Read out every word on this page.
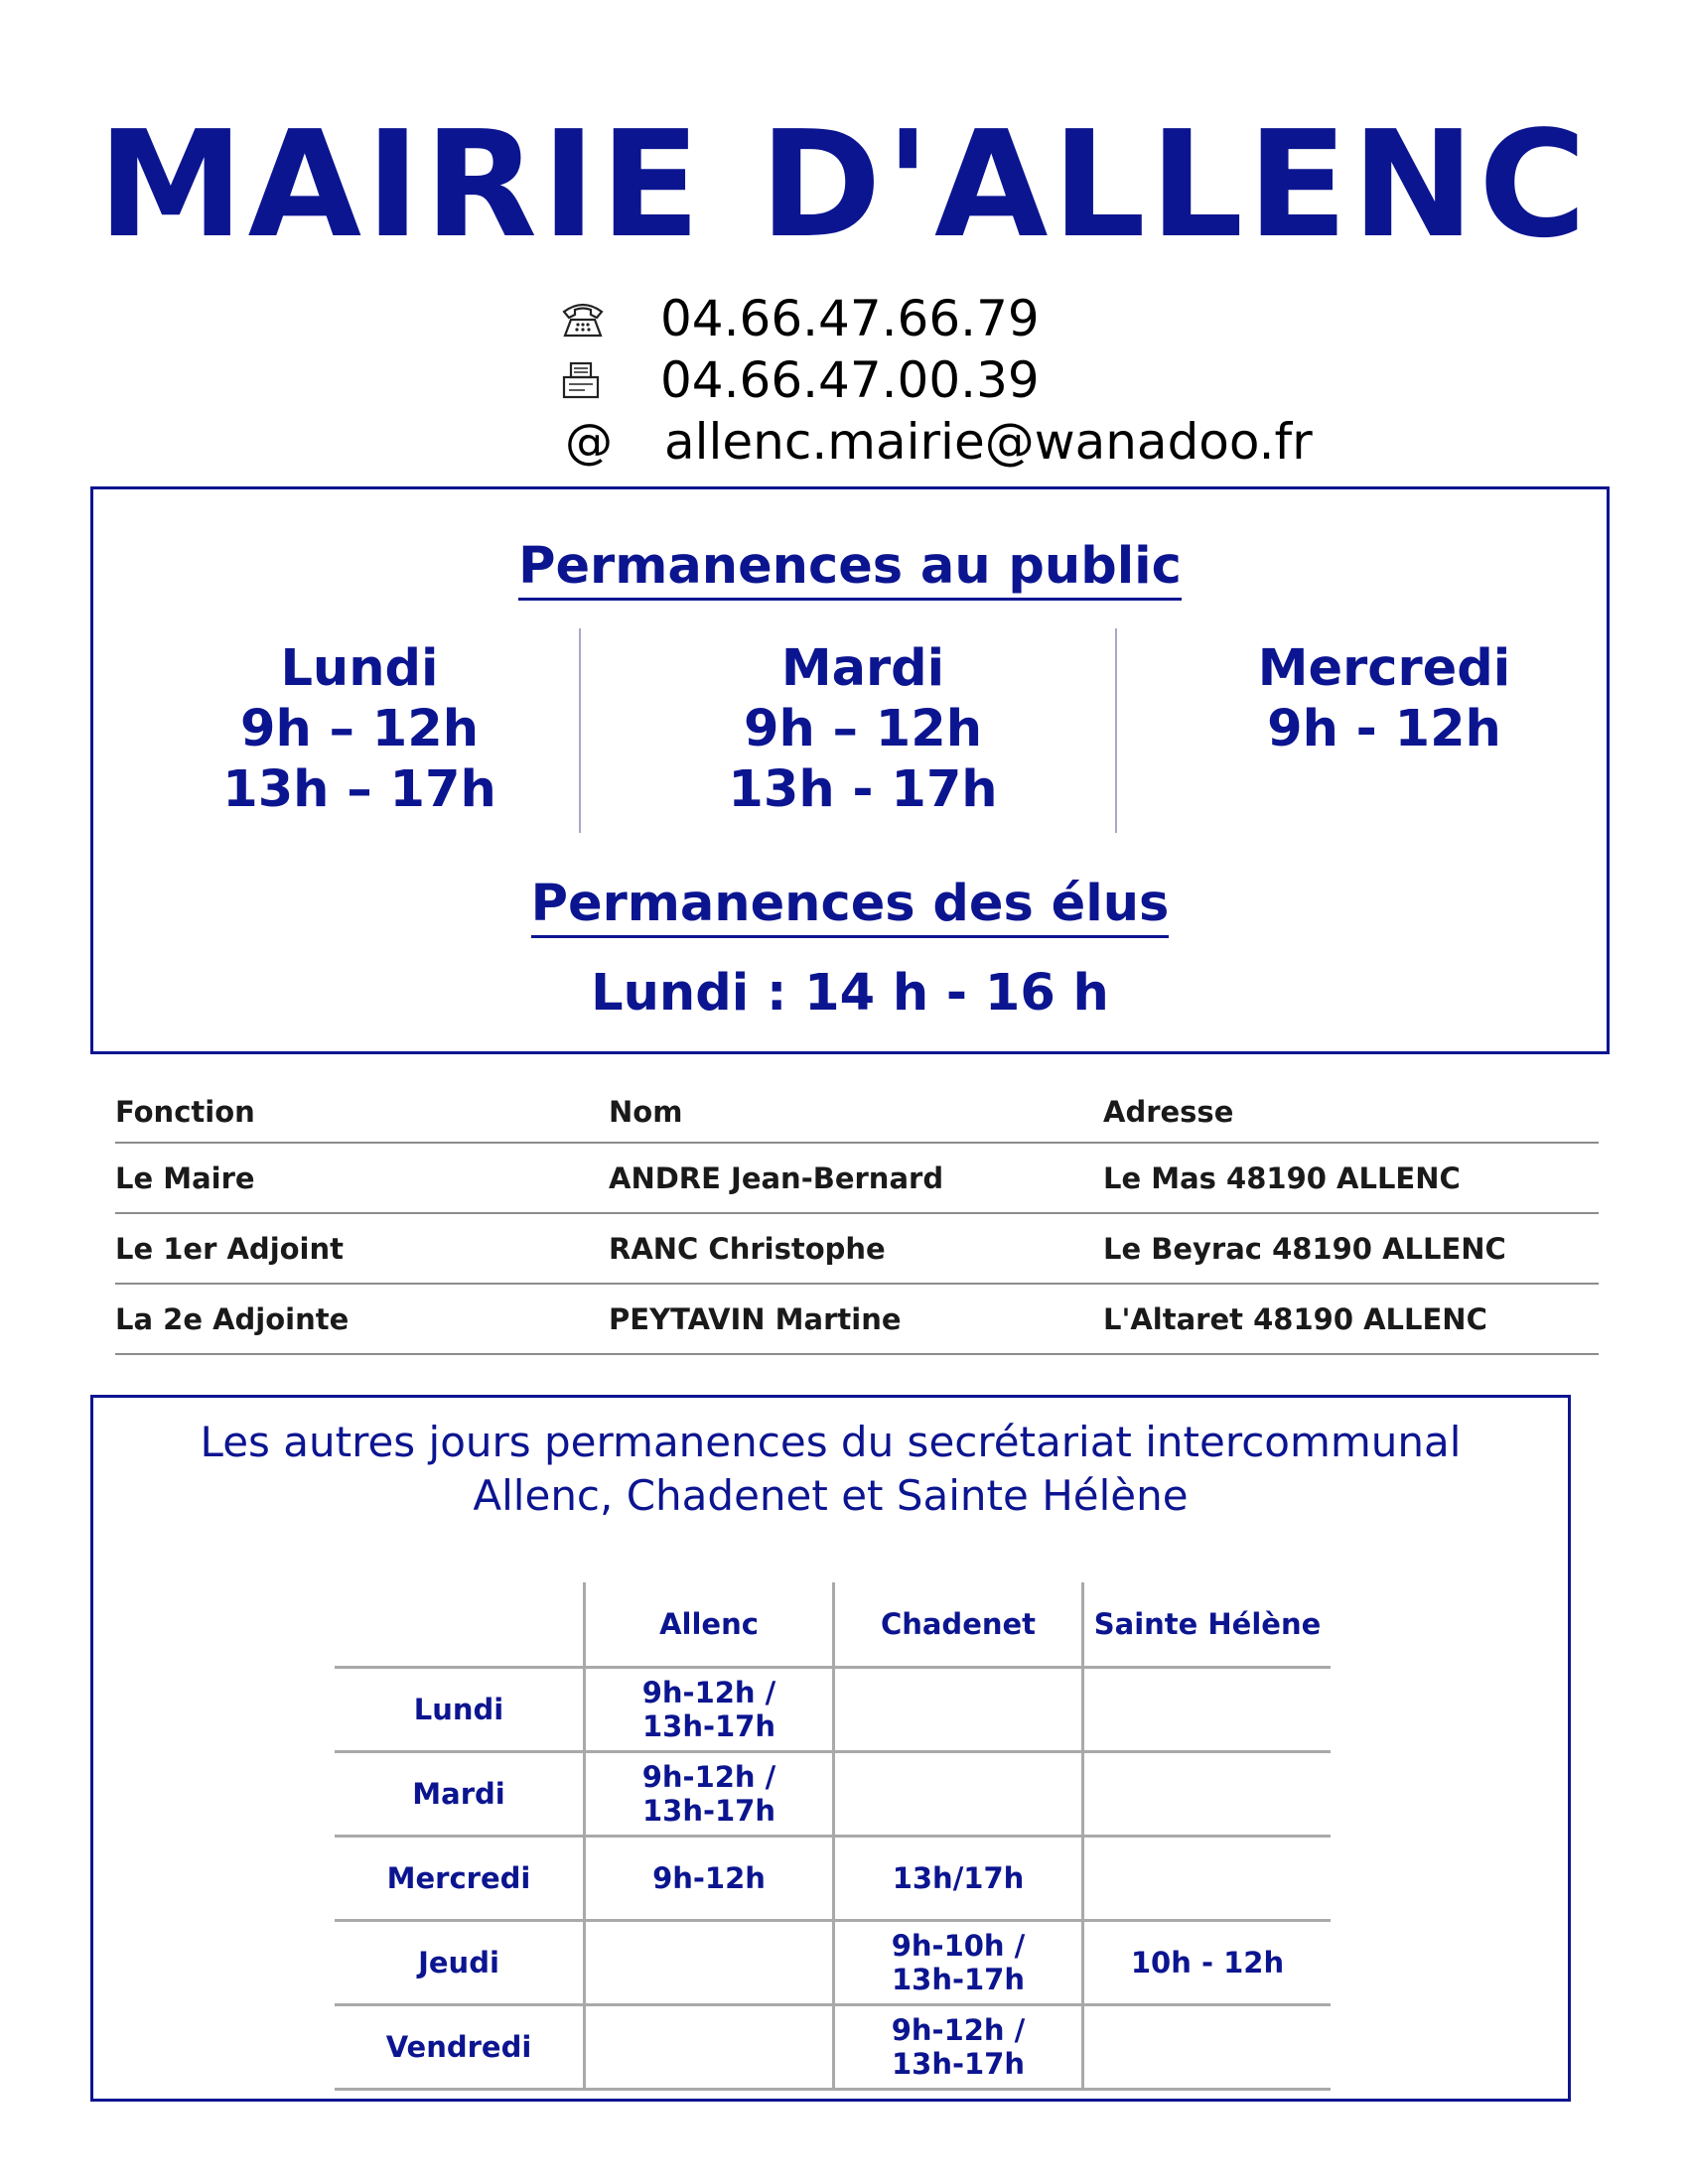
MAIRIE D'ALLENC
04.66.47.66.79
04.66.47.00.39
@	allenc.mairie@wanadoo.fr
Permanences au public
Lundi
9h – 12h
13h – 17h
Mardi
9h – 12h
13h - 17h
Mercredi
9h - 12h
Permanences des élus
Lundi : 14 h - 16 h
Fonction	Nom	Adresse
Le Maire	ANDRE Jean-Bernard	Le Mas 48190 ALLENC
Le 1er Adjoint	RANC Christophe	Le Beyrac 48190 ALLENC
La 2e Adjointe	PEYTAVIN Martine	L'Altaret 48190 ALLENC
Les autres jours permanences du secrétariat intercommunal
Allenc, Chadenet et Sainte Hélène
	Allenc	Chadenet	Sainte Hélène
Lundi	9h-12h /
13h-17h		

Mardi	9h-12h /
13h-17h		

Mercredi	9h-12h	13h/17h	

Jeudi		9h-10h /
13h-17h	10h - 12h

Vendredi		9h-12h /
13h-17h	
